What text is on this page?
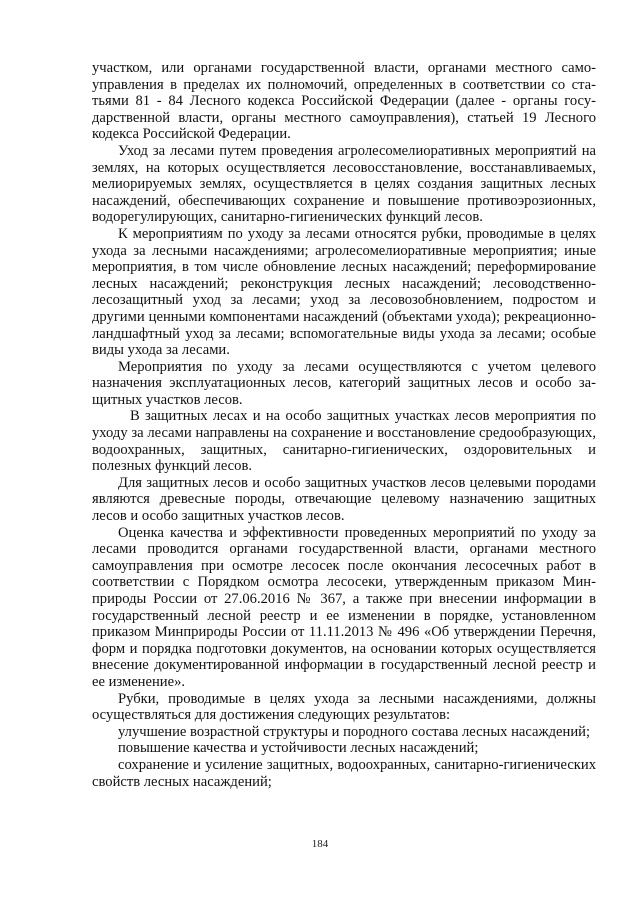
участком, или органами государственной власти, органами местного самоуправления в пределах их полномочий, определенных в соответствии со статьями 81 - 84 Лесного кодекса Российской Федерации (далее - органы государственной власти, органы местного самоуправления), статьей 19 Лесного кодекса Российской Федерации.

Уход за лесами путем проведения агролесомелиоративных мероприятий на землях, на которых осуществляется лесовосстановление, восстанавливаемых, мелиорируемых землях, осуществляется в целях создания защитных лесных насаждений, обеспечивающих сохранение и повышение противоэрозионных, водорегулирующих, санитарно-гигиенических функций лесов.

К мероприятиям по уходу за лесами относятся рубки, проводимые в целях ухода за лесными насаждениями; агролесомелиоративные мероприятия; иные мероприятия, в том числе обновление лесных насаждений; переформирование лесных насаждений; реконструкция лесных насаждений; лесоводственно-лесозащитный уход за лесами; уход за лесовозобновлением, подростом и другими ценными компонентами насаждений (объектами ухода); рекреационно-ландшафтный уход за лесами; вспомогательные виды ухода за лесами; особые виды ухода за лесами.

Мероприятия по уходу за лесами осуществляются с учетом целевого назначения эксплуатационных лесов, категорий защитных лесов и особо защитных участков лесов.

В защитных лесах и на особо защитных участках лесов мероприятия по уходу за лесами направлены на сохранение и восстановление средообразующих, водоохранных, защитных, санитарно-гигиенических, оздоровительных и полезных функций лесов.

Для защитных лесов и особо защитных участков лесов целевыми породами являются древесные породы, отвечающие целевому назначению защитных лесов и особо защитных участков лесов.

Оценка качества и эффективности проведенных мероприятий по уходу за лесами проводится органами государственной власти, органами местного самоуправления при осмотре лесосек после окончания лесосечных работ в соответствии с Порядком осмотра лесосеки, утвержденным приказом Минприроды России от 27.06.2016 № 367, а также при внесении информации в государственный лесной реестр и ее изменении в порядке, установленном приказом Минприроды России от 11.11.2013 № 496 «Об утверждении Перечня, форм и порядка подготовки документов, на основании которых осуществляется внесение документированной информации в государственный лесной реестр и ее изменение».

Рубки, проводимые в целях ухода за лесными насаждениями, должны осуществляться для достижения следующих результатов:

улучшение возрастной структуры и породного состава лесных насаждений;

повышение качества и устойчивости лесных насаждений;

сохранение и усиление защитных, водоохранных, санитарно-гигиенических свойств лесных насаждений;

184
